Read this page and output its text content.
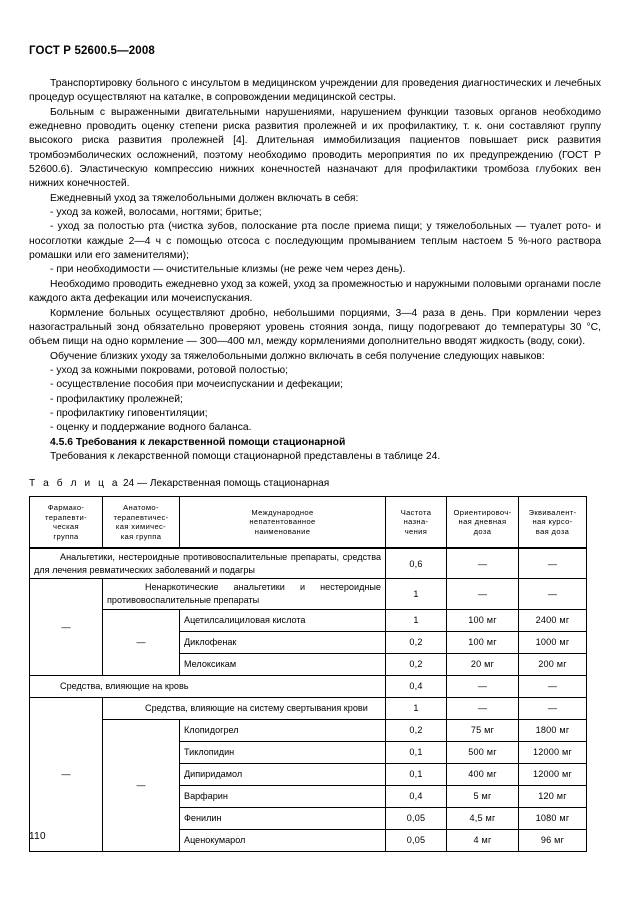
ГОСТ Р 52600.5—2008

Транспортировку больного с инсультом в медицинском учреждении для проведения диагностических и лечебных процедур осуществляют на каталке, в сопровождении медицинской сестры.

Больным с выраженными двигательными нарушениями, нарушением функции тазовых органов необходимо ежедневно проводить оценку степени риска развития пролежней и их профилактику, т. к. они составляют группу высокого риска развития пролежней [4]. Длительная иммобилизация пациентов повышает риск развития тромбоэмболических осложнений, поэтому необходимо проводить мероприятия по их предупреждению (ГОСТ Р 52600.6). Эластическую компрессию нижних конечностей назначают для профилактики тромбоза глубоких вен нижних конечностей.

Ежедневный уход за тяжелобольными должен включать в себя:

- уход за кожей, волосами, ногтями; бритье;

- уход за полостью рта (чистка зубов, полоскание рта после приема пищи; у тяжелобольных — туалет рото- и носоглотки каждые 2—4 ч с помощью отсоса с последующим промыванием теплым настоем 5 %-ного раствора ромашки или его заменителями);

- при необходимости — очистительные клизмы (не реже чем через день).

Необходимо проводить ежедневно уход за кожей, уход за промежностью и наружными половыми органами после каждого акта дефекации или мочеиспускания.

Кормление больных осуществляют дробно, небольшими порциями, 3—4 раза в день. При кормлении через назогастральный зонд обязательно проверяют уровень стояния зонда, пищу подогревают до температуры 30 °С, объем пищи на одно кормление — 300—400 мл, между кормлениями дополнительно вводят жидкость (воду, соки).

Обучение близких уходу за тяжелобольными должно включать в себя получение следующих навыков:

- уход за кожными покровами, ротовой полостью;

- осуществление пособия при мочеиспускании и дефекации;

- профилактику пролежней;

- профилактику гиповентиляции;

- оценку и поддержание водного баланса.

4.5.6 Требования к лекарственной помощи стационарной

Требования к лекарственной помощи стационарной представлены в таблице 24.

Т а б л и ц а 24 — Лекарственная помощь стационарная
Фармако-
терапевти-
ческая
группа	Анатомо-
терапевтичес-
кая химичес-
кая группа	Международное
непатентованное
наименование	Частота
назна-
чения	Ориентировоч-
ная дневная
доза	Эквивалент-
ная курсо-
вая доза
Анальгетики, нестероидные противовоспалительные препараты, средства для лечения ревматических заболеваний и подагры			0,6	—	—
—	Ненаркотические анальгетики и нестероидные противовоспалительные препараты		1	—	—
	—	Ацетилсалициловая кислота	1	100 мг	2400 мг
		Диклофенак	0,2	100 мг	1000 мг
		Мелоксикам	0,2	20 мг	200 мг
Средства, влияющие на кровь			0,4	—	—
—	Средства, влияющие на систему свертывания крови		1	—	—
	—	Клопидогрел	0,2	75 мг	1800 мг
		Тиклопидин	0,1	500 мг	12000 мг
		Дипиридамол	0,1	400 мг	12000 мг
		Варфарин	0,4	5 мг	120 мг
		Фенилин	0,05	4,5 мг	1080 мг
		Аценокумарол	0,05	4 мг	96 мг
110
